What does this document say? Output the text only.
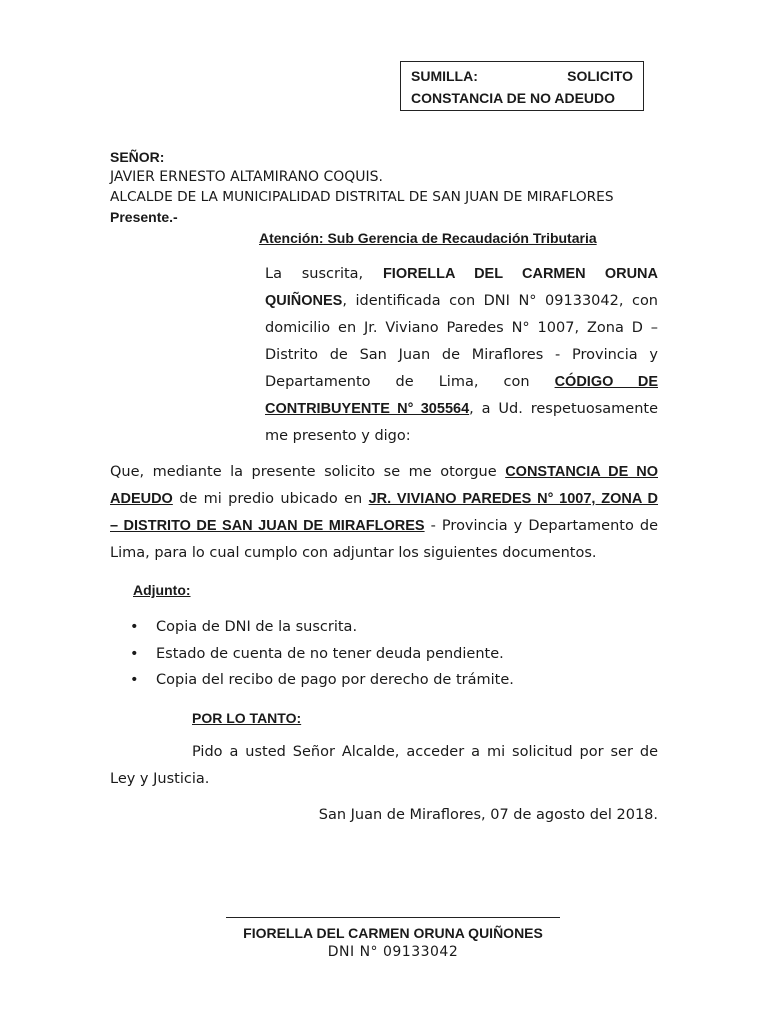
SUMILLA:	SOLICITO
CONSTANCIA DE NO ADEUDO
SEÑOR:
JAVIER ERNESTO ALTAMIRANO COQUIS.
ALCALDE DE LA MUNICIPALIDAD DISTRITAL DE SAN JUAN DE MIRAFLORES
Presente.-
Atención: Sub Gerencia de Recaudación Tributaria
La suscrita, FIORELLA DEL CARMEN ORUNA
QUIÑONES, identificada con DNI N° 09133042, con
domicilio en Jr. Viviano Paredes N° 1007, Zona D –
Distrito de San Juan de Miraflores - Provincia y
Departamento de Lima, con CÓDIGO DE
CONTRIBUYENTE N° 305564, a Ud. respetuosamente
me presento y digo:
Que, mediante la presente solicito se me otorgue CONSTANCIA DE NO
ADEUDO de mi predio ubicado en JR. VIVIANO PAREDES N° 1007, ZONA D
– DISTRITO DE SAN JUAN DE MIRAFLORES - Provincia y Departamento de
Lima, para lo cual cumplo con adjuntar los siguientes documentos.
Adjunto:
• Copia de DNI de la suscrita.
• Estado de cuenta de no tener deuda pendiente.
• Copia del recibo de pago por derecho de trámite.
POR LO TANTO:
Pido a usted Señor Alcalde, acceder a mi solicitud por ser de
Ley y Justicia.
San Juan de Miraflores, 07 de agosto del 2018.
FIORELLA DEL CARMEN ORUNA QUIÑONES
DNI N° 09133042
